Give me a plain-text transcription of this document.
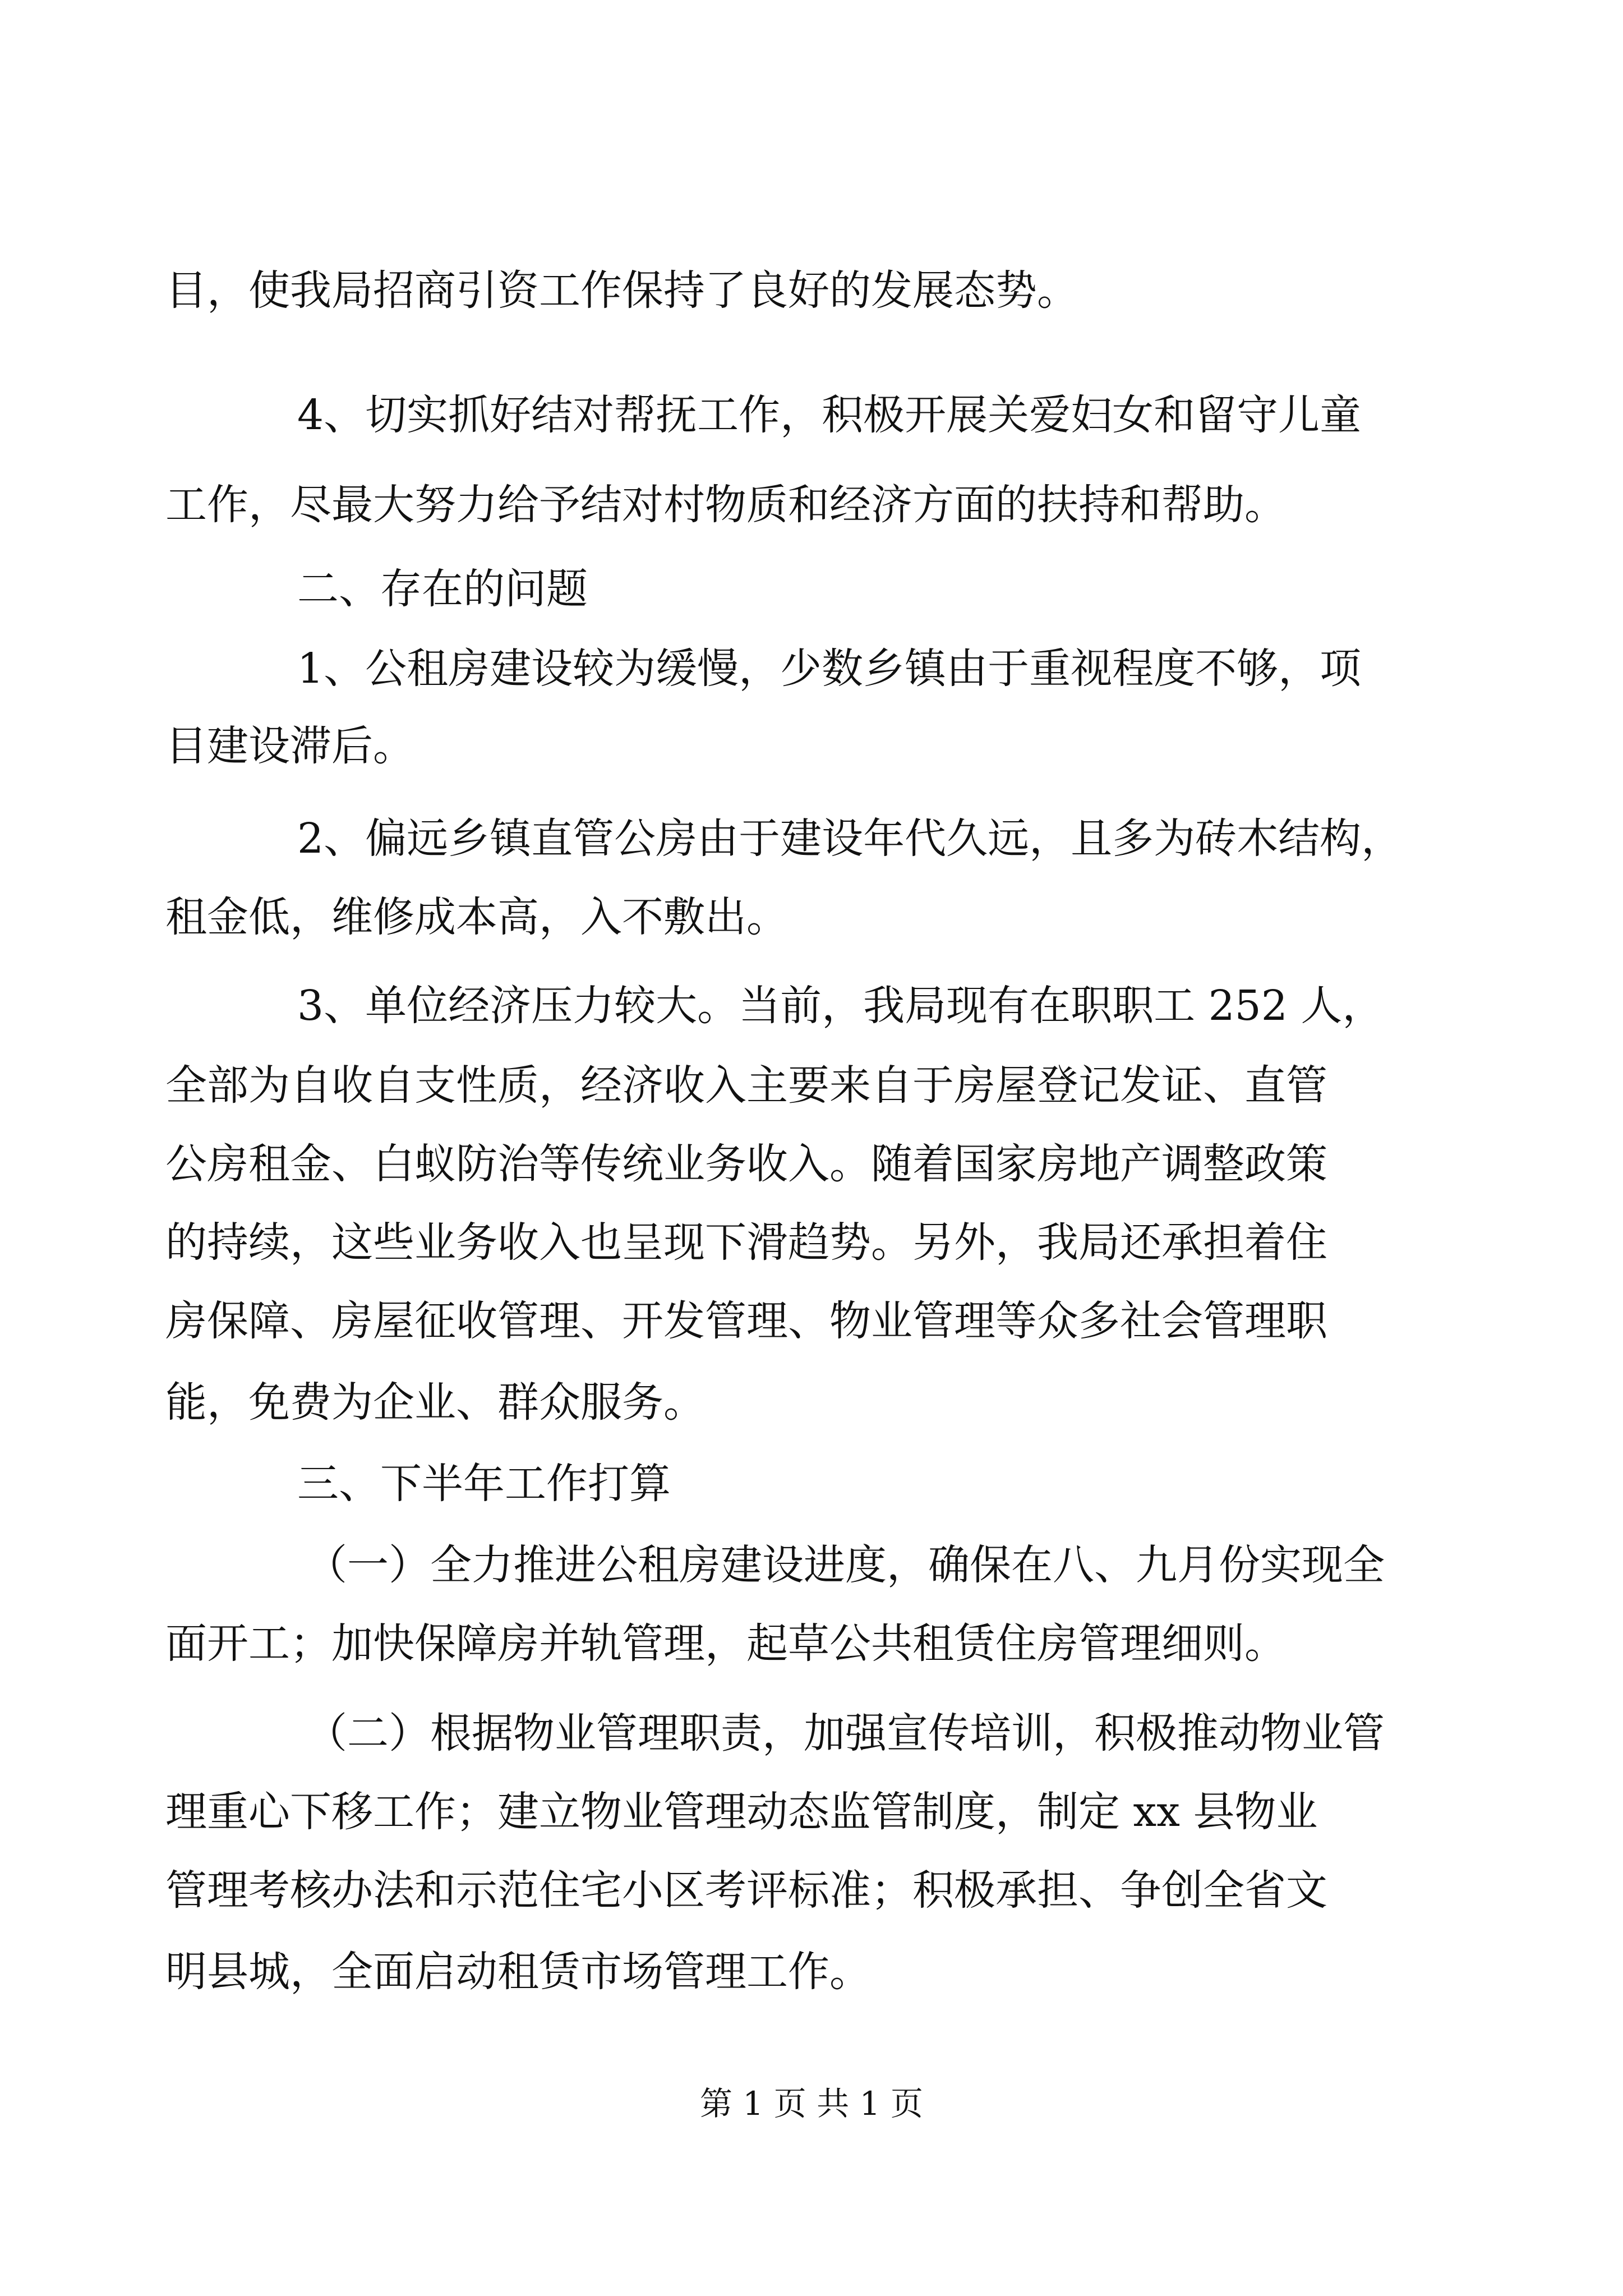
目，使我局招商引资工作保持了良好的发展态势。
4、切实抓好结对帮抚工作，积极开展关爱妇女和留守儿童
工作，尽最大努力给予结对村物质和经济方面的扶持和帮助。
二、存在的问题
1、公租房建设较为缓慢，少数乡镇由于重视程度不够，项
目建设滞后。
2、偏远乡镇直管公房由于建设年代久远，且多为砖木结构，
租金低，维修成本高，入不敷出。
3、单位经济压力较大。当前，我局现有在职职工 252 人，
全部为自收自支性质，经济收入主要来自于房屋登记发证、直管
公房租金、白蚁防治等传统业务收入。随着国家房地产调整政策
的持续，这些业务收入也呈现下滑趋势。另外，我局还承担着住
房保障、房屋征收管理、开发管理、物业管理等众多社会管理职
能，免费为企业、群众服务。
三、下半年工作打算
（一）全力推进公租房建设进度，确保在八、九月份实现全
面开工；加快保障房并轨管理，起草公共租赁住房管理细则。
（二）根据物业管理职责，加强宣传培训，积极推动物业管
理重心下移工作；建立物业管理动态监管制度，制定 xx 县物业
管理考核办法和示范住宅小区考评标准；积极承担、争创全省文
明县城，全面启动租赁市场管理工作。
第 1 页 共 1 页
